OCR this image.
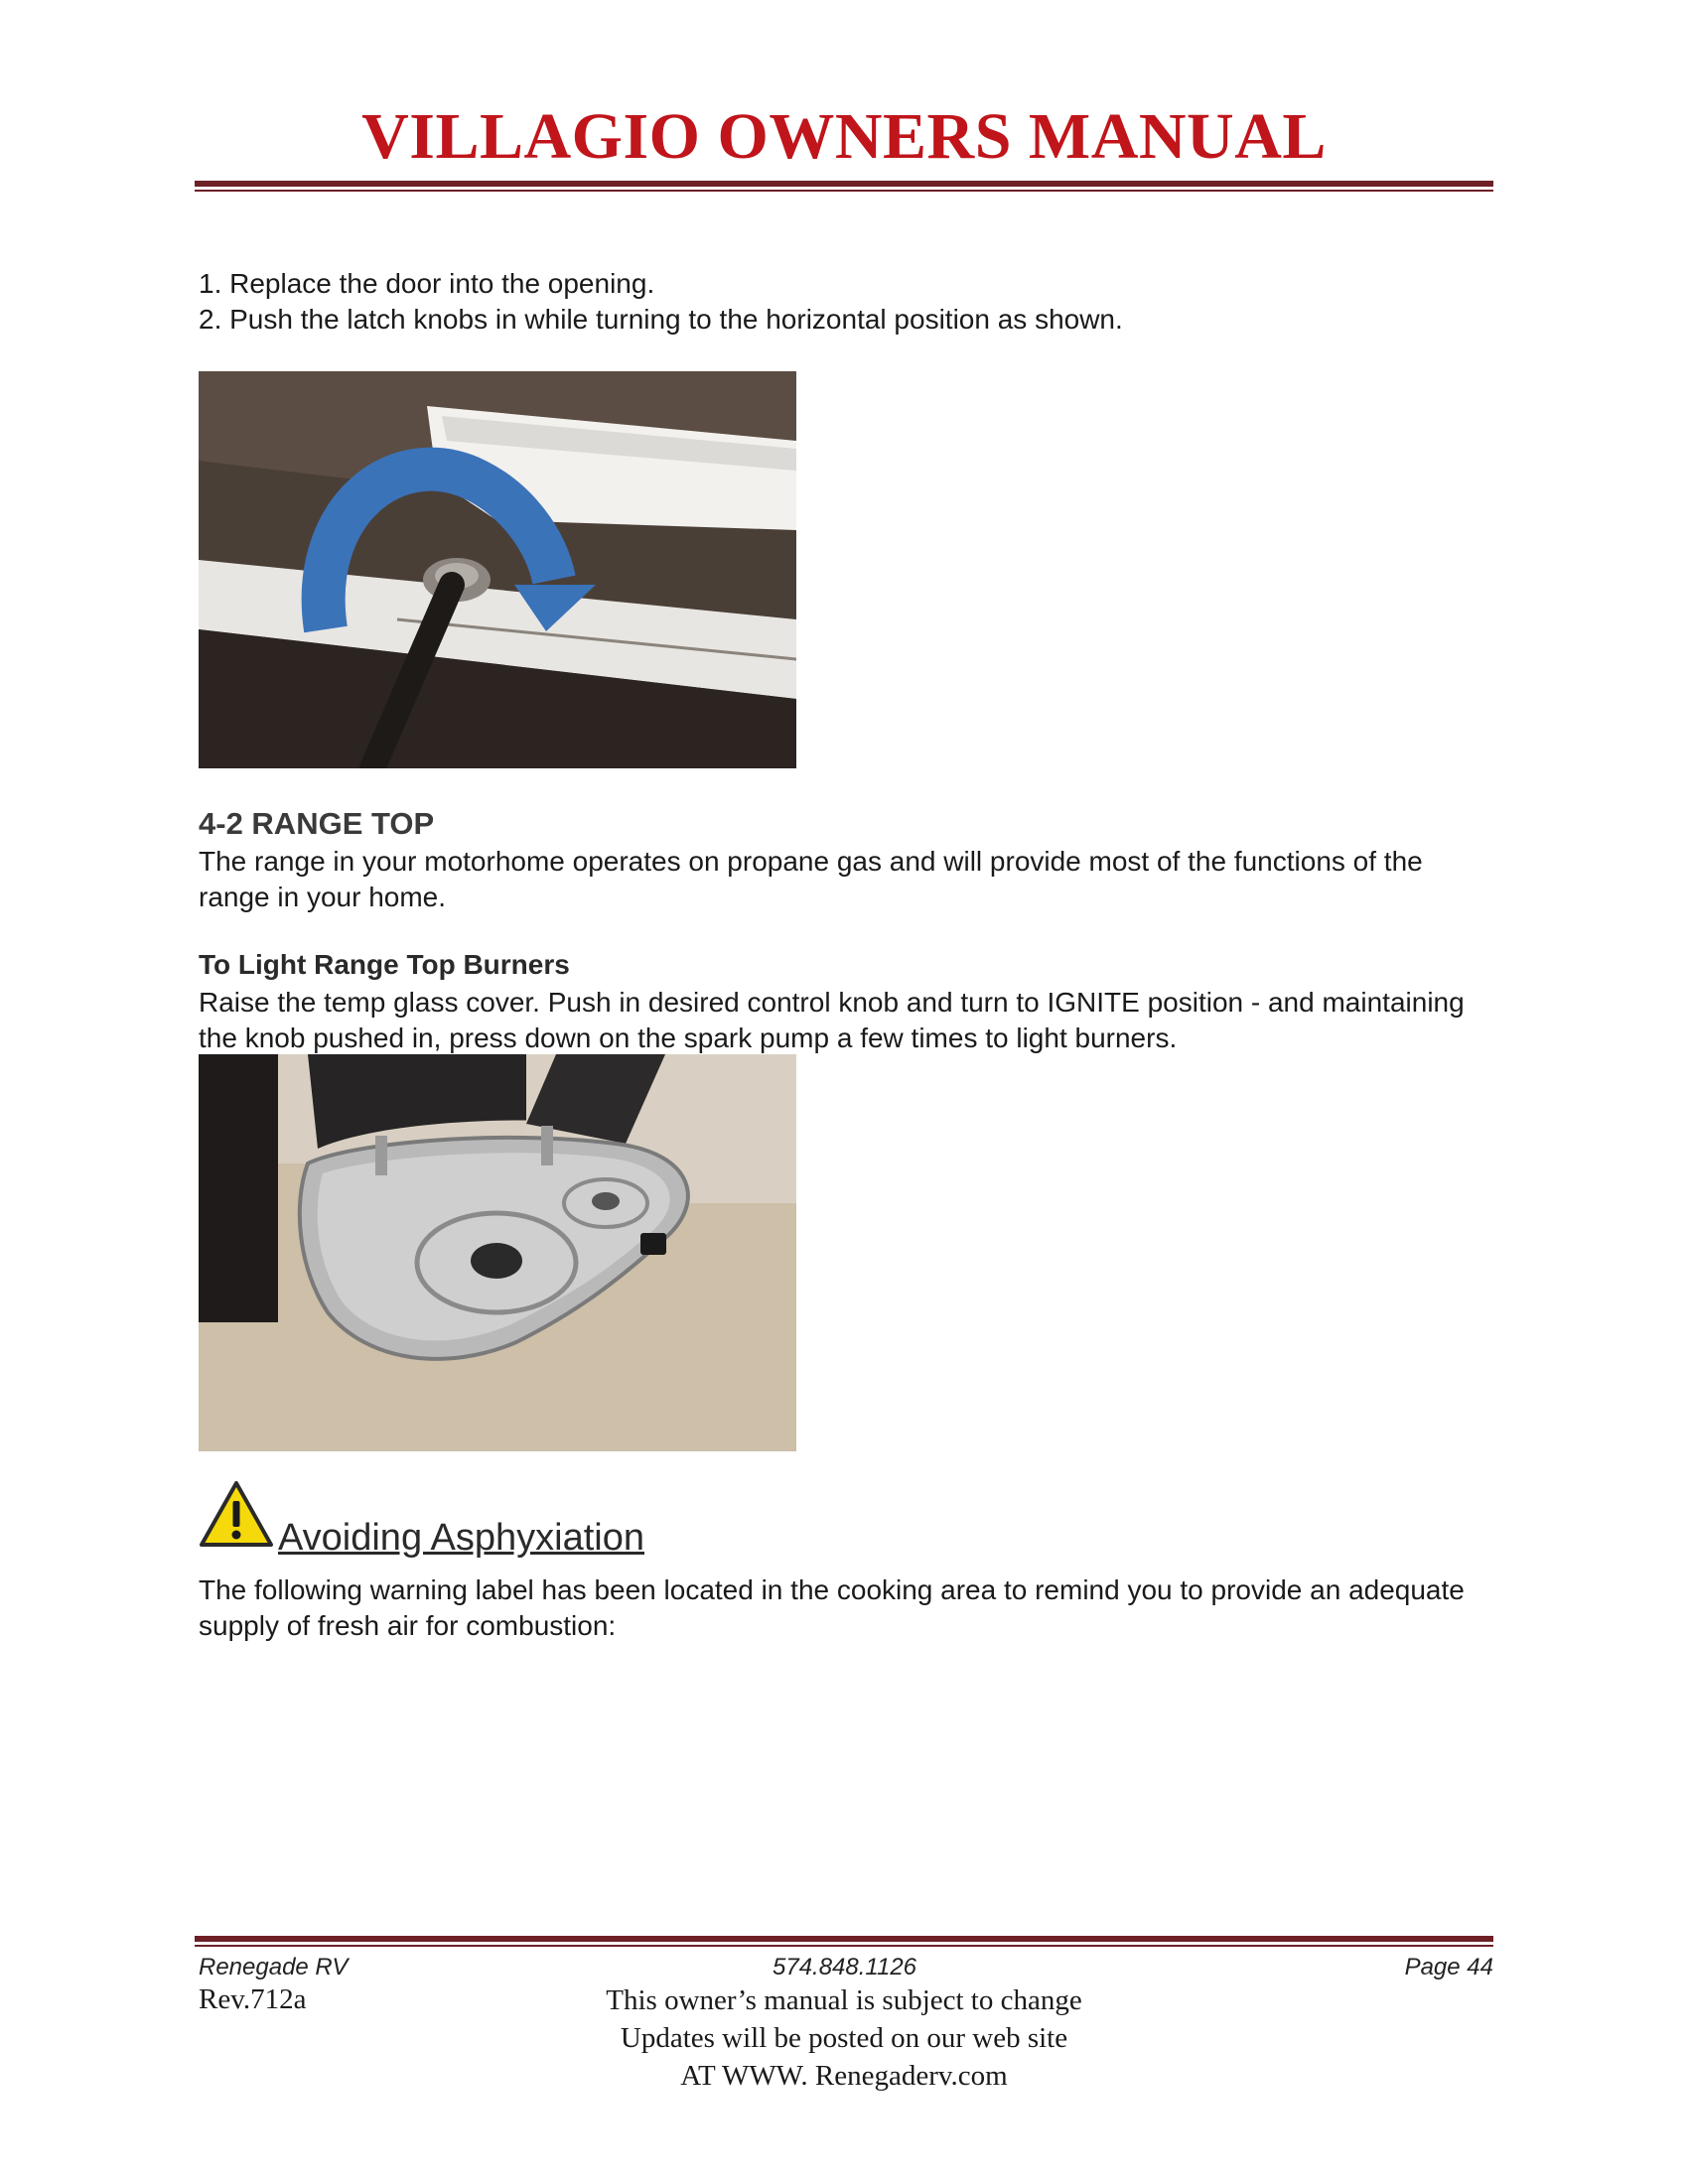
VILLAGIO OWNERS MANUAL
1. Replace the door into the opening.
2. Push the latch knobs in while turning to the horizontal position as shown.
4-2 RANGE TOP
The range in your motorhome operates on propane gas and will provide most of the functions of the range in your home.
To Light Range Top Burners
Raise the temp glass cover. Push in desired control knob and turn to IGNITE position - and maintaining the knob pushed in, press down on the spark pump a few times to light burners.
Avoiding Asphyxiation
The following warning label has been located in the cooking area to remind you to provide an adequate supply of fresh air for combustion:
Renegade RV	574.848.1126	Page 44
Rev.712a	This owner’s manual is subject to change
Updates will be posted on our web site
AT WWW. Renegaderv.com
